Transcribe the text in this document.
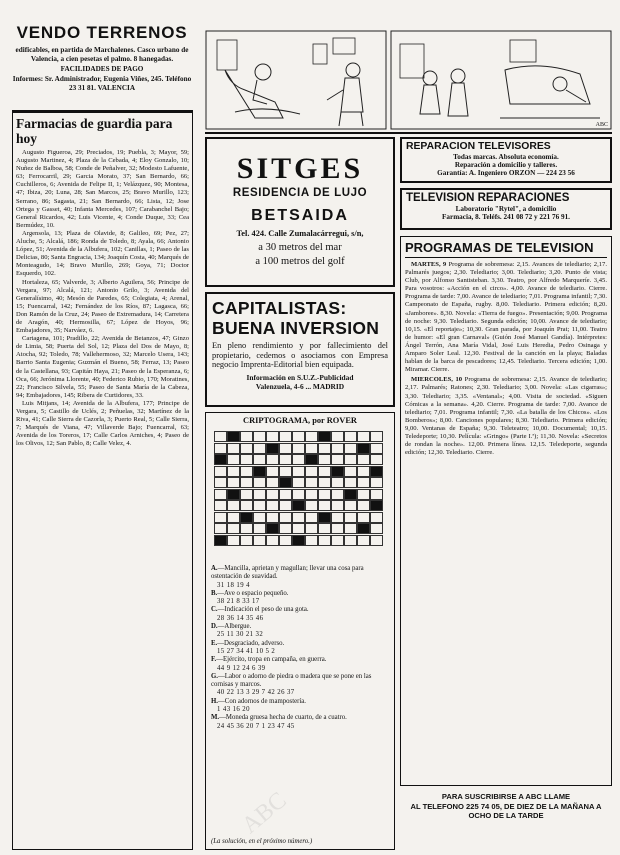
VENDO TERRENOS
edificables, en partida de Marchalenes. Casco urbano de Valencia, a cien pesetas el palmo. 8 hanegadas.
FACILIDADES DE PAGO
Informes: Sr. Administrador, Eugenia Viñes, 245. Teléfono 23 31 81. VALENCIA
Farmacias de guardia para hoy

Augusto Figueroa, 29; Preciados, 19; Puebla, 3; Mayor, 59; Augusto Martinez, 4; Plaza de la Cebada, 4; Eloy Gonzalo, 10; Nuñez de Balboa, 58; Conde de Peñalver, 32; Modesto Lafuente, 63; Ferrocarril, 29; Garcia Morato, 37; San Bernardo, 66; Cuchilleros, 6; Avenida de Felipe II, 1; Velázquez, 90; Montesa, 47; Ibiza, 20; Luna, 28; San Marcos, 25; Bravo Murillo, 123; Serrano, 86; Sagasta, 21; San Bernardo, 66; Lista, 12; Jose Ortega y Gasset, 40; Infanta Mercedes, 107; Carabanchel Bajo; General Ricardos, 42; Luis Vicente, 4; Conde Duque, 33; Cea Bermúdez, 10.

Argensola, 13; Plaza de Olavide, 8; Galileo, 69; Pez, 27; Aluche, 5; Alcalá, 186; Ronda de Toledo, 8; Ayala, 66; Antonio López, 51; Avenida de la Albufera, 102; Canillas, 1; Paseo de las Delicias, 80; Santa Engracia, 134; Joaquín Costa, 40; Marqués de Monteagudo, 14; Bravo Murillo, 269; Goya, 71; Doctor Esquerdo, 102.

Hortaleza, 65; Valverde, 3; Alberto Aguilera, 56; Principe de Vergara, 97; Alcalá, 121; Antonio Grilo, 3; Avenida del Generalísimo, 40; Mesón de Paredes, 65; Colegiata, 4; Arenal, 15; Fuencarral, 142; Fernández de los Ríos, 87; Lagasca, 66; Don Ramón de la Cruz, 24; Paseo de Extremadura, 14; Carretera de Aragón, 40; Hermosilla, 67; López de Hoyos, 96; Embajadores, 35; Narváez, 6.

Cartagena, 101; Pradillo, 22; Avenida de Betanzos, 47; Ginzo de Limia, 58; Puerta del Sol, 12; Plaza del Dos de Mayo, 8; Atocha, 92; Toledo, 78; Vallehermoso, 32; Marcelo Usera, 143; Barrio Santa Eugenia; Guzmán el Bueno, 58; Ferraz, 13; Paseo de la Castellana, 93; Capitán Haya, 21; Paseo de la Esperanza, 6; Oca, 66; Jerónima Llorente, 40; Federico Rubio, 170; Moratines, 22; Francisco Silvela, 55; Paseo de Santa María de la Cabeza, 94; Embajadores, 145; Ribera de Curtidores, 33.

Luis Mitjans, 14; Avenida de la Albufera, 177; Principe de Vergara, 5; Castillo de Uclés, 2; Peñuelas, 32; Martínez de la Riva, 41; Calle Sierra de Cazorla, 3; Puerto Real, 5; Calle Sierra, 7; Marqués de Viana, 47; Villaverde Bajo; Fuencarral, 63; Avenida de los Toreros, 17; Calle Carlos Arniches, 4; Paseo de los Olivos, 12; San Pablo, 8; Calle Velez, 4.

ABC
SITGES
RESIDENCIA DE LUJO
BETSAIDA
Tel. 424. Calle Zumalacárregui, s/n,
a 30 metros del mar
a 100 metros del golf
CAPITALISTAS:
BUENA INVERSION
En pleno rendimiento y por fallecimiento del propietario, cedemos o asociamos con Empresa negocio Imprenta-Editorial bien equipada.
Información en S.U.Z.-Publicidad
Valenzuela, 4-6 ... MADRID
CRIPTOGRAMA, por ROVER

A.—Mancilla, aprietan y magullan; llevar una cosa para ostentación de suavidad.

31 18 19 4

B.—Ave o espacio pequeño.

38 21 8 33 17

C.—Indicación el peso de una gota.

28 36 14 35 46

D.—Albergue.

25 11 30 21 32

E.—Desgraciado, adverso.

15 27 34 41 10 5 2

F.—Ejército, tropa en campaña, en guerra.

44 9 12 24 6 39

G.—Labor o adorno de piedra o madera que se pone en las cornisas y marcos.

40 22 13 3 29 7 42 26 37

H.—Con adornos de mampostería.

1 43 16 20

M.—Moneda gruesa hecha de cuarto, de a cuatro.

24 45 36 20 7 1 23 47 45

(La solución, en el próximo número.)
REPARACION TELEVISORES
Todas marcas. Absoluta economía.
Reparación a domicilio y talleres.
Garantía: A. Ingeniero ORZON — 224 23 56
TELEVISION REPARACIONES
Laboratorio "Rytel", a domicilio
Farmacia, 8. Teléfs. 241 08 72 y 221 76 91.
PROGRAMAS DE TELEVISION

MARTES, 9 Programa de sobremesa: 2,15. Avances de telediario; 2,17. Palmarés juegos; 2,30. Telediario; 3,00. Telediario; 3,20. Punto de vista; Club, por Alfonso Santisteban. 3,30. Teatro, por Alfredo Marqueríe. 3,45. Para vosotros: «Acción en el circo». 4,00. Avance de telediario. Cierre. Programa de tarde: 7,00. Avance de telediario; 7,01. Programa infantil; 7,30. Campeonato de España, rugby. 8,00. Telediario. Primera edición; 8,20. «Jamboree». 8,30. Novela: «Tierra de fuego». Presentación; 9,00. Programa de noche: 9,30. Telediario. Segunda edición; 10,00. Avance de telediario; 10,15. «El reportaje»; 10,30. Gran parada, por Joaquín Prat; 11,00. Teatro de humor: «El gran Carnaval» (Guión José Manuel Gandía). Intérpretes: Ángel Terrón, Ana María Vidal, José Luis Heredia, Pedro Osinaga y Amparo Soler Leal. 12,30. Festival de la canción en la playa; Baladas hablan de la barca de pescadores; 12,45. Telediario. Tercera edición; 1,00. Miramar. Cierre.

MIERCOLES, 10 Programa de sobremesa: 2,15. Avance de telediario; 2,17. Palmarés; Ratones; 2,30. Telediario; 3,00. Novela: «Las cigarras»; 3,30. Telediario; 3,35. «Ventanal»; 4,00. Visita de sociedad. «Siguen Cómicas a la semana». 4,20. Cierre. Programa de tarde: 7,00. Avance de telediario; 7,01. Programa infantil; 7,30. «La batalla de los Chicos». «Los Bomberos»; 8,00. Canciones populares; 8,30. Telediario. Primera edición; 9,00. Ventanas de España; 9,30. Teleteatro; 10,00. Documental; 10,15. Teledeporte; 10,30. Película: «Gringo» (Parte I.ª); 11,30. Novela: «Secretos de rondan la noche». 12,00. Primera línea. 12,15. Teledeporte, segunda edición; 12,30. Telediario. Cierre.

PARA SUSCRIBIRSE A ABC LLAME
AL TELEFONO 225 74 05, DE DIEZ DE LA MAÑANA A OCHO DE LA TARDE
ABC
